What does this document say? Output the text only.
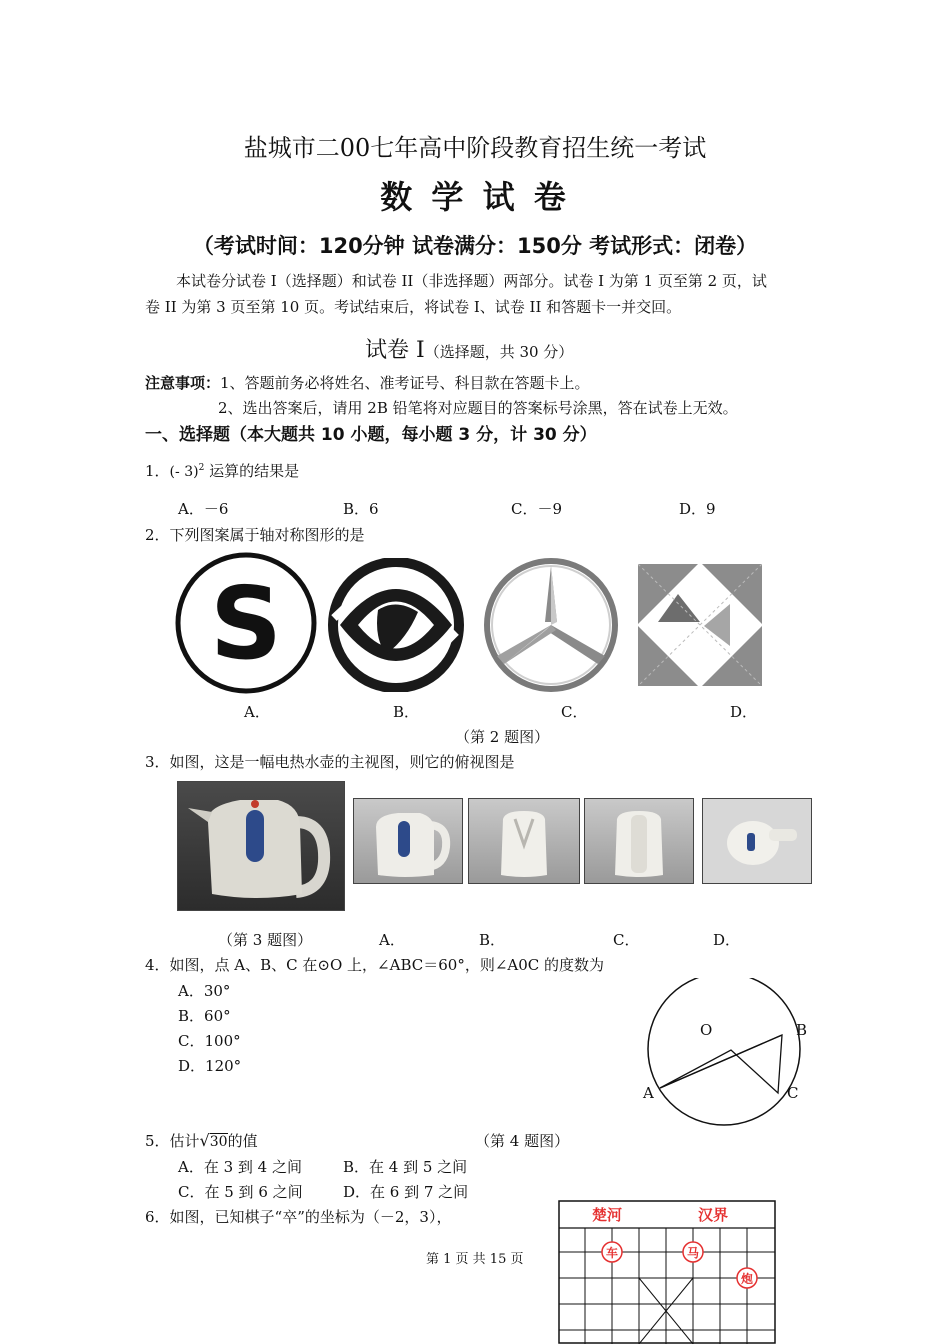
盐城市二00七年高中阶段教育招生统一考试
数 学 试 卷
（考试时间：120分钟 试卷满分：150分 考试形式：闭卷）
本试卷分试卷 I（选择题）和试卷 II（非选择题）两部分。试卷 I 为第 1 页至第 2 页，试
卷 II 为第 3 页至第 10 页。考试结束后，将试卷 I、试卷 II 和答题卡一并交回。
试卷 I（选择题，共 30 分）
注意事项：1、答题前务必将姓名、准考证号、科目款在答题卡上。
2、选出答案后，请用 2B 铅笔将对应题目的答案标号涂黑，答在试卷上无效。
一、选择题（本大题共 10 小题，每小题 3 分，计 30 分）
1．(- 3)$^2$ 运算的结果是
A．－6	B．6	C．－9	D．9
2．下列图案属于轴对称图形的是
S
A．	B．	C．	D．
（第 2 题图）
3．如图，这是一幅电热水壶的主视图，则它的俯视图是
（第 3 题图）	A．	B．	C．	D．
4．如图，点 A、B、C 在⊙O 上，∠ABC＝60°，则∠A0C 的度数为
A．30°
B．60°
C．100°
D．120°
O	B
A	C
5．估计√30的值	（第 4 题图）
A．在 3 到 4 之间	B．在 4 到 5 之间
C．在 5 到 6 之间	D．在 6 到 7 之间
6．如图，已知棋子“卒”的坐标为（－2，3），	楚河	汉界
车	马
炮
第 1 页 共 15 页
